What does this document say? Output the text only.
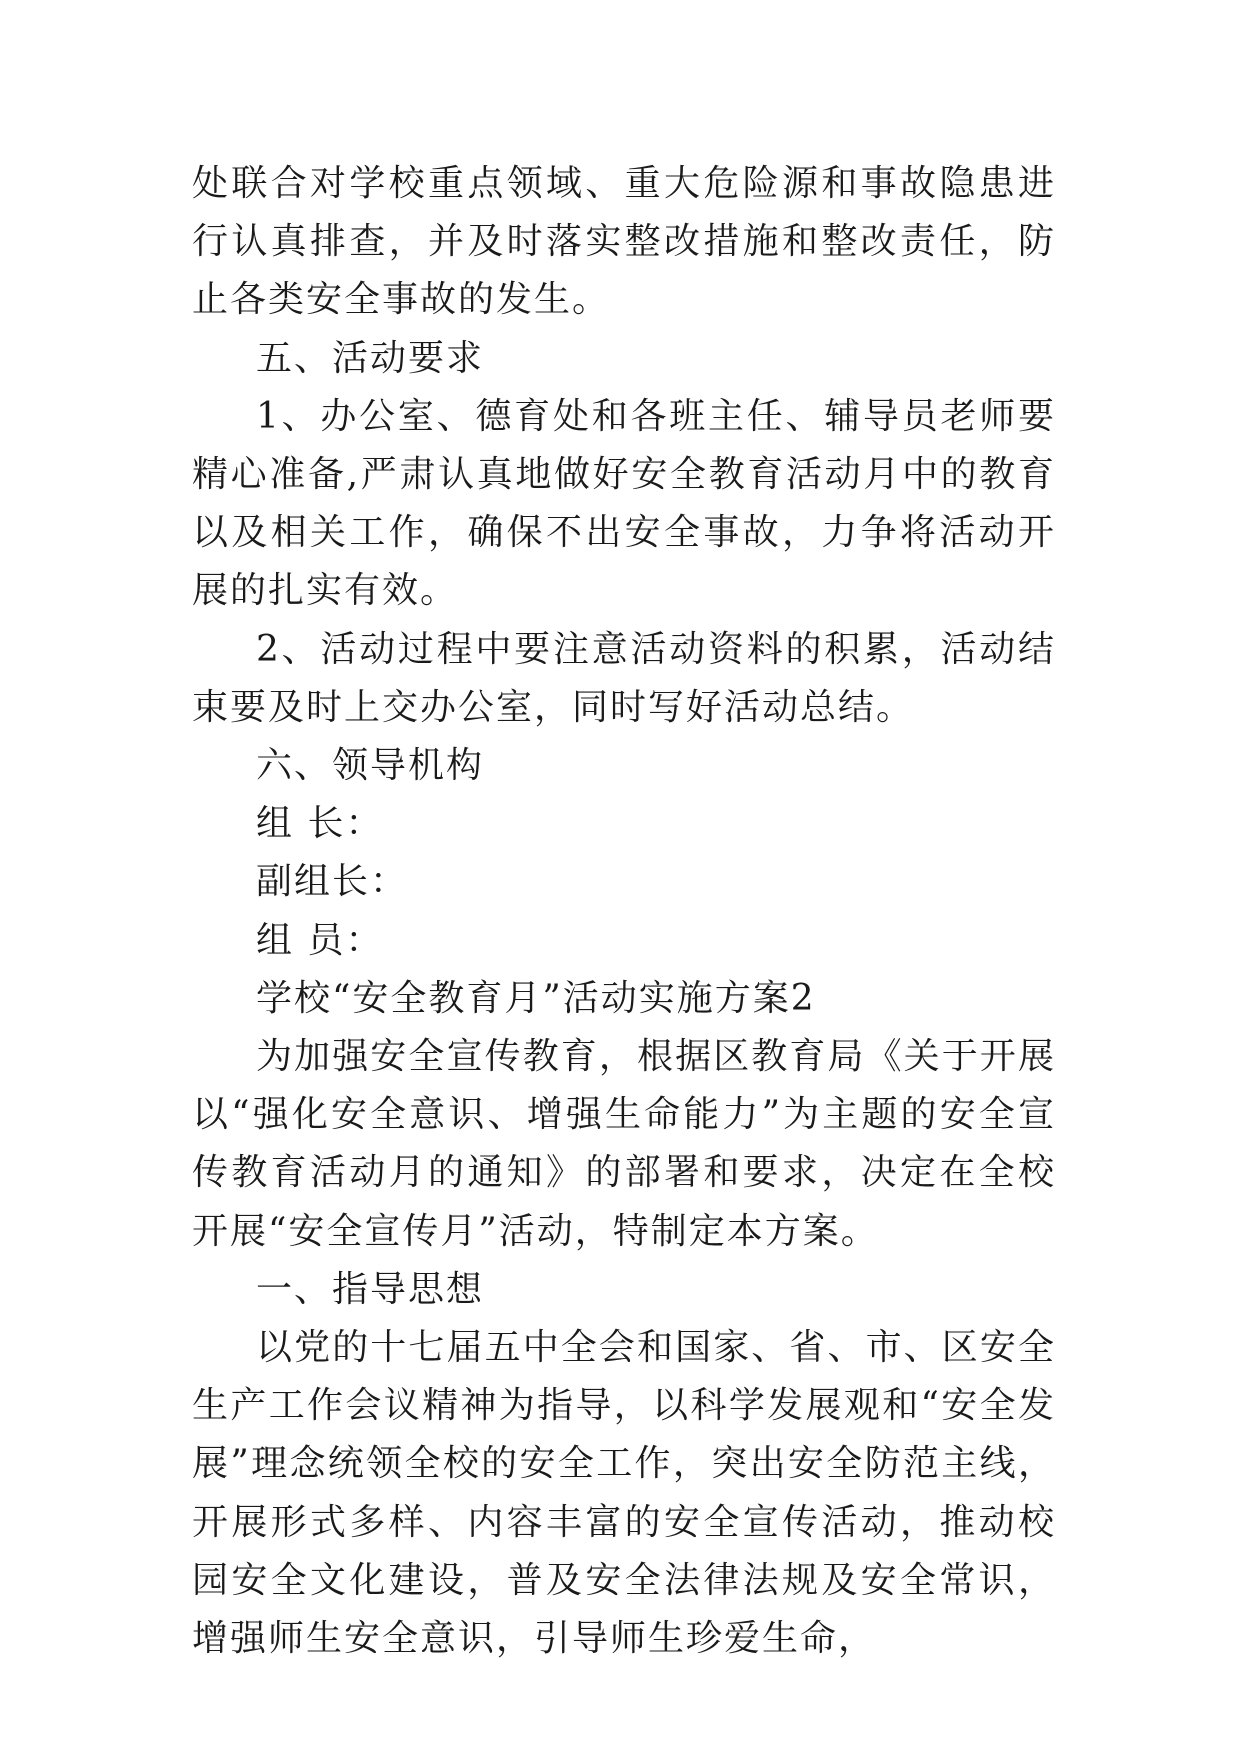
处联合对学校重点领域、重大危险源和事故隐患进行认真排查，并及时落实整改措施和整改责任，防止各类安全事故的发生。

五、活动要求

1、办公室、德育处和各班主任、辅导员老师要精心准备,严肃认真地做好安全教育活动月中的教育以及相关工作，确保不出安全事故，力争将活动开展的扎实有效。

2、活动过程中要注意活动资料的积累，活动结束要及时上交办公室，同时写好活动总结。

六、领导机构

组 长：

副组长：

组 员：

学校“安全教育月”活动实施方案2

为加强安全宣传教育，根据区教育局《关于开展以“强化安全意识、增强生命能力”为主题的安全宣传教育活动月的通知》的部署和要求，决定在全校开展“安全宣传月”活动，特制定本方案。

一、指导思想

以党的十七届五中全会和国家、省、市、区安全生产工作会议精神为指导，以科学发展观和“安全发展”理念统领全校的安全工作，突出安全防范主线，开展形式多样、内容丰富的安全宣传活动，推动校园安全文化建设，普及安全法律法规及安全常识，增强师生安全意识，引导师生珍爱生命，
